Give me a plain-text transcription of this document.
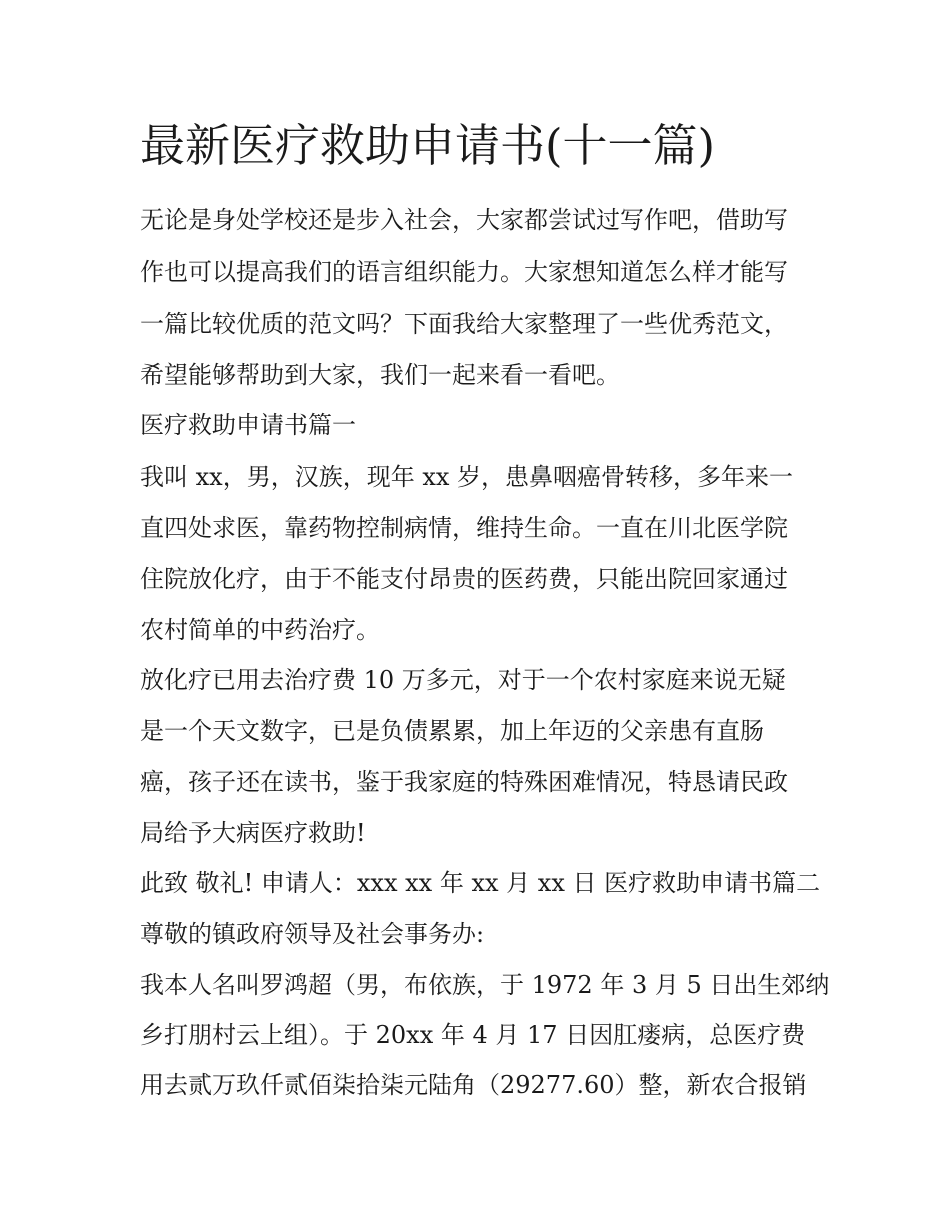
最新医疗救助申请书(十一篇)

无论是身处学校还是步入社会，大家都尝试过写作吧，借助写

作也可以提高我们的语言组织能力。大家想知道怎么样才能写

一篇比较优质的范文吗？下面我给大家整理了一些优秀范文，

希望能够帮助到大家，我们一起来看一看吧。

医疗救助申请书篇一

我叫 xx，男，汉族，现年 xx 岁，患鼻咽癌骨转移，多年来一

直四处求医，靠药物控制病情，维持生命。一直在川北医学院

住院放化疗，由于不能支付昂贵的医药费，只能出院回家通过

农村简单的中药治疗。

放化疗已用去治疗费 10 万多元，对于一个农村家庭来说无疑

是一个天文数字，已是负债累累，加上年迈的父亲患有直肠

癌，孩子还在读书，鉴于我家庭的特殊困难情况，特恳请民政

局给予大病医疗救助!

此致 敬礼! 申请人：xxx xx 年 xx 月 xx 日 医疗救助申请书篇二

尊敬的镇政府领导及社会事务办:

我本人名叫罗鸿超（男，布依族，于 1972 年 3 月 5 日出生郊纳

乡打朋村云上组）。于 20xx 年 4 月 17 日因肛瘘病，总医疗费

用去贰万玖仟贰佰柒拾柒元陆角（29277.60）整，新农合报销
